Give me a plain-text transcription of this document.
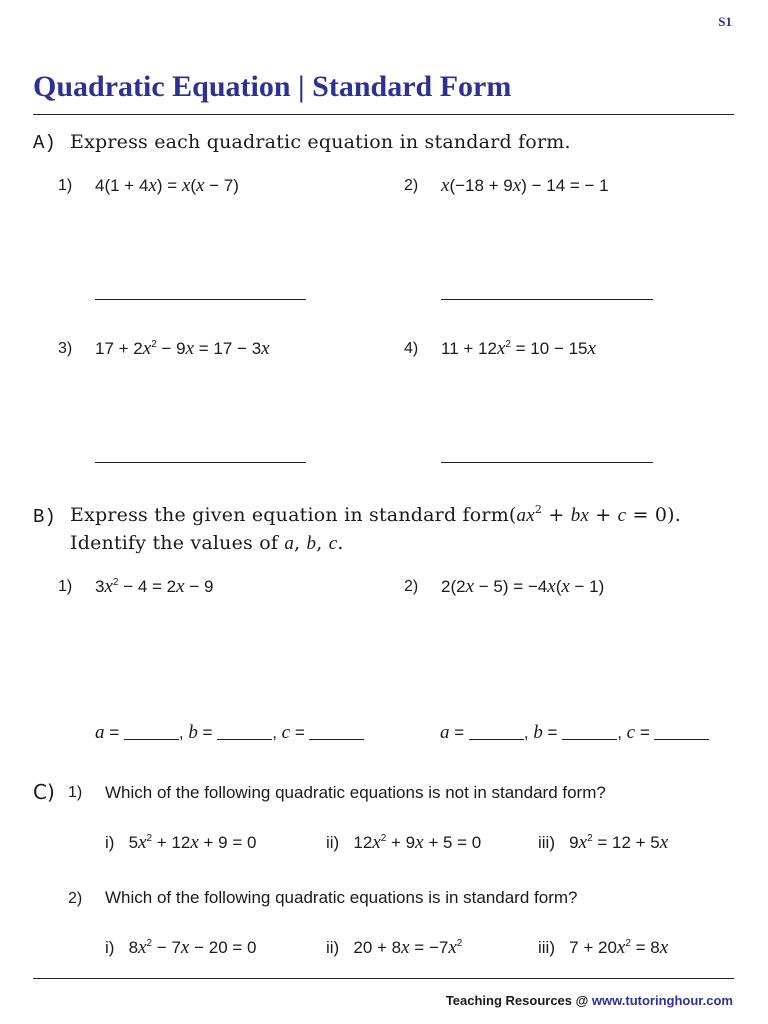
S1
Quadratic Equation | Standard Form
A) Express each quadratic equation in standard form.
1) 4(1 + 4x) = x(x − 7)	2) x(−18 + 9x) − 14 = − 1
3) $17 + 2x^2 - 9x = 17 - 3x$	4) $11 + 12x^2 = 10 - 15x$
B) Express the given equation in standard $form(ax^2$ + bx + c = 0).
Identify the values of a, b, c.
1) $3x^2 - 4 = 2x - 9$	2) 2(2x − 5) = −4x(x − 1)
a =	, b =	, c =	a =	, b =	, c =
C) 1) Which of the following quadratic equations is not in standard form?
i)   $5x^2 + 12x + 9 = 0$	ii)   $12x^2 + 9x + 5 = 0$	iii)   $9x^2 = 12 + 5x$
2) Which of the following quadratic equations is in standard form?
i)   $8x^2 - 7x - 20 = 0$	ii)   $20 + 8x = -7x^2$	iii)   $7 + 20x^2 = 8x$
Teaching Resources @ www.tutoringhour.com
